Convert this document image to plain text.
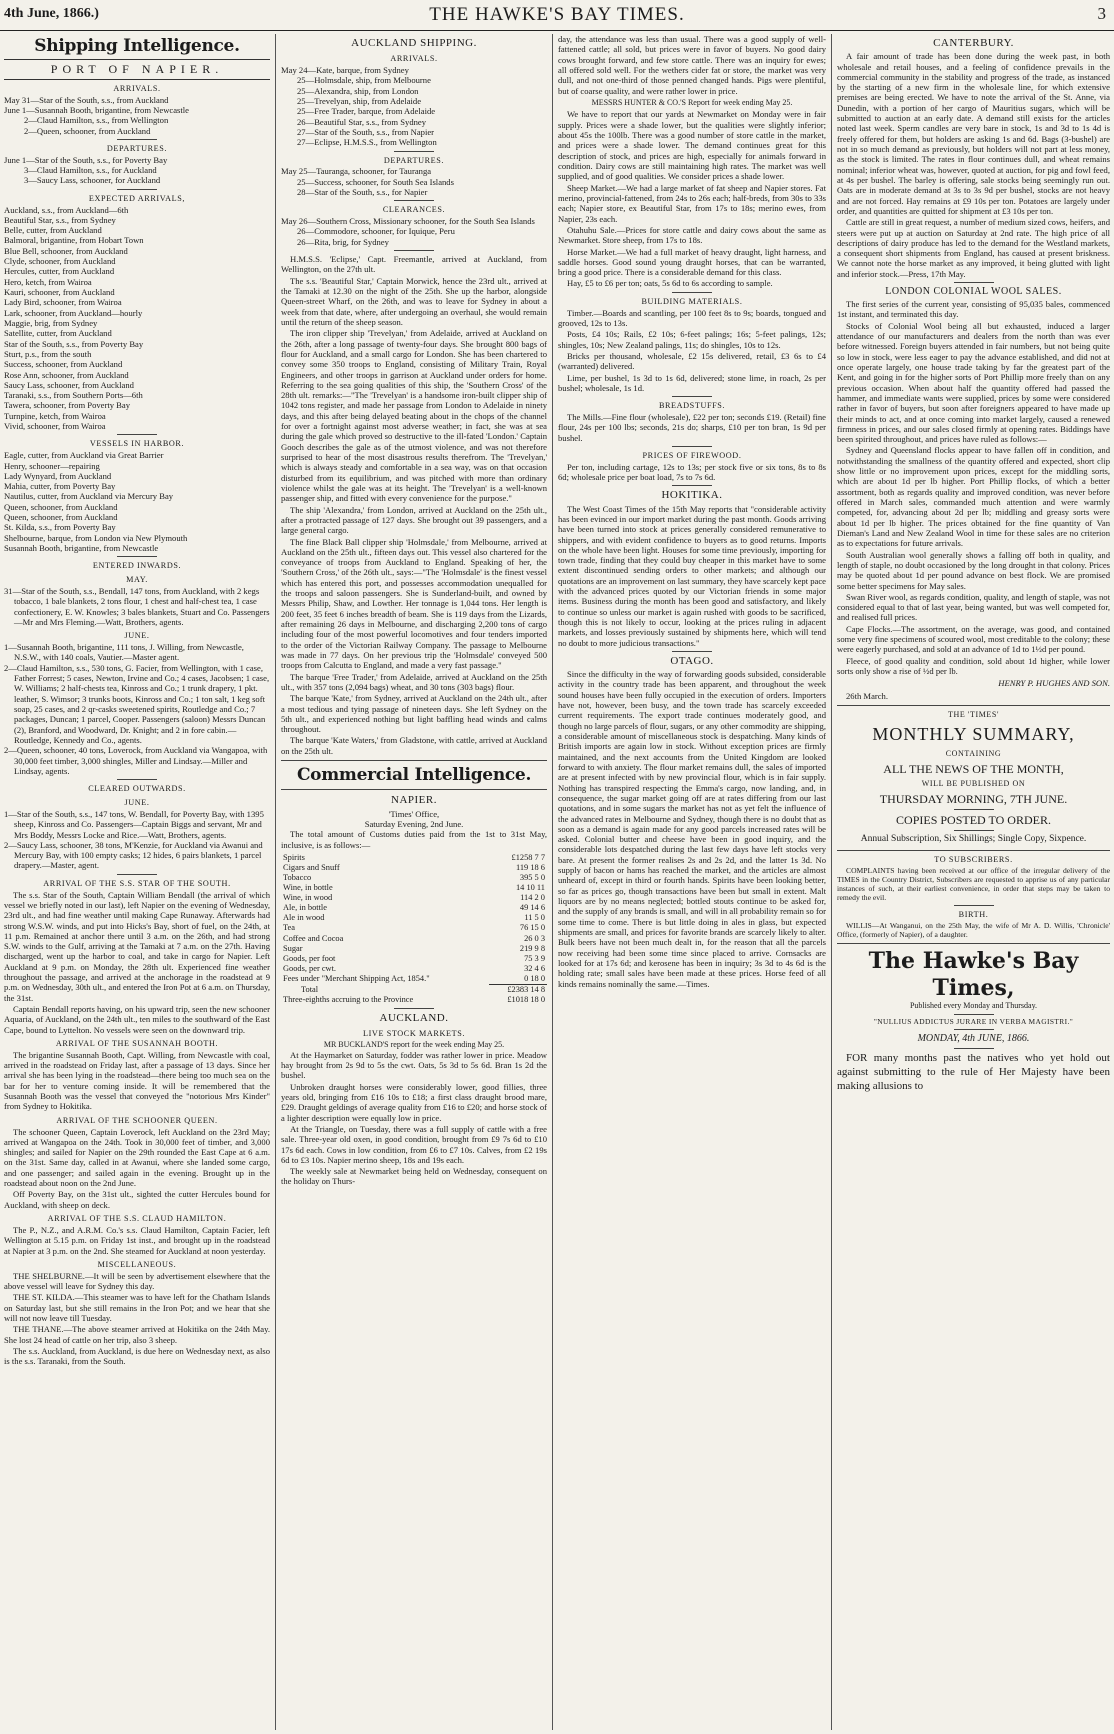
4th June, 1866.)	THE HAWKE'S BAY TIMES.	3
Shipping Intelligence.
PORT OF NAPIER.
ARRIVALS.
May 31—Star of the South, s.s., from Auckland
June 1—Susannah Booth, brigantine, from Newcastle
2—Claud Hamilton, s.s., from Wellington
2—Queen, schooner, from Auckland
DEPARTURES.
June 1—Star of the South, s.s., for Poverty Bay
3—Claud Hamilton, s.s., for Auckland
3—Saucy Lass, schooner, for Auckland
EXPECTED ARRIVALS,
Auckland, s.s., from Auckland—6th
Beautiful Star, s.s., from Sydney
Belle, cutter, from Auckland
Balmoral, brigantine, from Hobart Town
Blue Bell, schooner, from Auckland
Clyde, schooner, from Auckland
Hercules, cutter, from Auckland
Hero, ketch, from Wairoa
Kauri, schooner, from Auckland
Lady Bird, schooner, from Wairoa
Lark, schooner, from Auckland—hourly
Maggie, brig, from Sydney
Satellite, cutter, from Auckland
Star of the South, s.s., from Poverty Bay
Sturt, p.s., from the south
Success, schooner, from Auckland
Rose Ann, schooner, from Auckland
Saucy Lass, schooner, from Auckland
Taranaki, s.s., from Southern Ports—6th
Tawera, schooner, from Poverty Bay
Turnpine, ketch, from Wairoa
Vivid, schooner, from Wairoa
VESSELS IN HARBOR.
Eagle, cutter, from Auckland via Great Barrier
Henry, schooner—repairing
Lady Wynyard, from Auckland
Mahia, cutter, from Poverty Bay
Nautilus, cutter, from Auckland via Mercury Bay
Queen, schooner, from Auckland
Queen, schooner, from Auckland
St. Kilda, s.s., from Poverty Bay
Shelbourne, barque, from London via New Plymouth
Susannah Booth, brigantine, from Newcastle
ENTERED INWARDS.
MAY.
31—Star of the South, s.s., Bendall, 147 tons, from Auckland, with 2 kegs tobacco, 1 bale blankets, 2 tons flour, 1 chest and half-chest tea, 1 case confectionery, E. W. Knowles; 3 bales blankets, Stuart and Co. Passengers—Mr and Mrs Fleming.—Watt, Brothers, agents.
JUNE.
1—Susannah Booth, brigantine, 111 tons, J. Willing, from Newcastle, N.S.W., with 140 coals, Vautier.—Master agent.
2—Claud Hamilton, s.s., 530 tons, G. Facier, from Wellington, with 1 case, Father Forrest; 5 cases, Newton, Irvine and Co.; 4 cases, Jacobsen; 1 case, W. Williams; 2 half-chests tea, Kinross and Co.; 1 trunk drapery, 1 pkt. leather, S. Wimsor; 3 trunks boots, Kinross and Co.; 1 ton salt, 1 keg soft soap, 25 cases, and 2 qr-casks sweetened spirits, Routledge and Co.; 7 packages, Duncan; 1 parcel, Cooper. Passengers (saloon) Messrs Duncan (2), Branford, and Woodward, Dr. Knight; and 2 in fore cabin.—Routledge, Kennedy and Co., agents.
2—Queen, schooner, 40 tons, Loverock, from Auckland via Wangapoa, with 30,000 feet timber, 3,000 shingles, Miller and Lindsay.—Miller and Lindsay, agents.
CLEARED OUTWARDS.
JUNE.
1—Star of the South, s.s., 147 tons, W. Bendall, for Poverty Bay, with 1395 sheep, Kinross and Co. Passengers—Captain Biggs and servant, Mr and Mrs Boddy, Messrs Locke and Rice.—Watt, Brothers, agents.
2—Saucy Lass, schooner, 38 tons, M'Kenzie, for Auckland via Awanui and Mercury Bay, with 100 empty casks; 12 hides, 6 pairs blankets, 1 parcel drapery.—Master, agent.
ARRIVAL OF THE S.S. STAR OF THE SOUTH.

The s.s. Star of the South, Captain William Bendall (the arrival of which vessel we briefly noted in our last), left Napier on the evening of Wednesday, 23rd ult., and had fine weather until making Cape Runaway. Afterwards had strong W.S.W. winds, and put into Hicks's Bay, short of fuel, on the 24th, at 11 p.m. Remained at anchor there until 3 a.m. on the 26th, and had strong S.W. winds to the Gulf, arriving at the Tamaki at 7 a.m. on the 27th. Having discharged, went up the harbor to coal, and take in cargo for Napier. Left Auckland at 9 p.m. on Monday, the 28th ult. Experienced fine weather throughout the passage, and arrived at the anchorage in the roadstead at 9 p.m. on Wednesday, 30th ult., and entered the Iron Pot at 6 a.m. on Thursday, the 31st.

Captain Bendall reports having, on his upward trip, seen the new schooner Aquaria, of Auckland, on the 24th ult., ten miles to the southward of the East Cape, bound to Lyttelton. No vessels were seen on the downward trip.

ARRIVAL OF THE SUSANNAH BOOTH.

The brigantine Susannah Booth, Capt. Willing, from Newcastle with coal, arrived in the roadstead on Friday last, after a passage of 13 days. Since her arrival she has been lying in the roadstead—there being too much sea on the bar for her to venture coming inside. It will be remembered that the Susannah Booth was the vessel that conveyed the "notorious Mrs Kinder" from Sydney to Hokitika.

ARRIVAL OF THE SCHOONER QUEEN.

The schooner Queen, Captain Loverock, left Auckland on the 23rd May; arrived at Wangapoa on the 24th. Took in 30,000 feet of timber, and 3,000 shingles; and sailed for Napier on the 29th rounded the East Cape at 6 a.m. on the 31st. Same day, called in at Awanui, where she landed some cargo, and one passenger; and sailed again in the evening. Brought up in the roadstead about noon on the 2nd June.

Off Poverty Bay, on the 31st ult., sighted the cutter Hercules bound for Auckland, with sheep on deck.

ARRIVAL OF THE S.S. CLAUD HAMILTON.

The P., N.Z., and A.R.M. Co.'s s.s. Claud Hamilton, Captain Facier, left Wellington at 5.15 p.m. on Friday 1st inst., and brought up in the roadstead at Napier at 3 p.m. on the 2nd. She steamed for Auckland at noon yesterday.

MISCELLANEOUS.

THE SHELBURNE.—It will be seen by advertisement elsewhere that the above vessel will leave for Sydney this day.

THE ST. KILDA.—This steamer was to have left for the Chatham Islands on Saturday last, but she still remains in the Iron Pot; and we hear that she will not now leave till Tuesday.

THE THANE.—The above steamer arrived at Hokitika on the 24th May. She lost 24 head of cattle on her trip, also 3 sheep.

The s.s. Auckland, from Auckland, is due here on Wednesday next, as also is the s.s. Taranaki, from the South.

AUCKLAND SHIPPING.
ARRIVALS.
May 24—Kate, barque, from Sydney
25—Holmsdale, ship, from Melbourne
25—Alexandra, ship, from London
25—Trevelyan, ship, from Adelaide
25—Free Trader, barque, from Adelaide
26—Beautiful Star, s.s., from Sydney
27—Star of the South, s.s., from Napier
27—Eclipse, H.M.S.S., from Wellington
DEPARTURES.
May 25—Tauranga, schooner, for Tauranga
25—Success, schooner, for South Sea Islands
28—Star of the South, s.s., for Napier
CLEARANCES.
May 26—Southern Cross, Missionary schooner, for the South Sea Islands
26—Commodore, schooner, for Iquique, Peru
26—Rita, brig, for Sydney

H.M.S.S. 'Eclipse,' Capt. Freemantle, arrived at Auckland, from Wellington, on the 27th ult.

The s.s. 'Beautiful Star,' Captain Morwick, hence the 23rd ult., arrived at the Tamaki at 12.30 on the night of the 25th. She up the harbor, alongside Queen-street Wharf, on the 26th, and was to leave for Sydney in about a week from that date, where, after undergoing an overhaul, she would remain until the return of the sheep season.

The iron clipper ship 'Trevelyan,' from Adelaide, arrived at Auckland on the 26th, after a long passage of twenty-four days. She brought 800 bags of flour for Auckland, and a small cargo for London. She has been chartered to convey some 350 troops to England, consisting of Military Train, Royal Engineers, and other troops in garrison at Auckland under orders for home. Referring to the sea going qualities of this ship, the 'Southern Cross' of the 28th ult. remarks:—"The 'Trevelyan' is a handsome iron-built clipper ship of 1042 tons register, and made her passage from London to Adelaide in ninety days, and this after being delayed beating about in the chops of the channel for over a fortnight against most adverse weather; in fact, she was at sea during the gale which proved so destructive to the ill-fated 'London.' Captain Gooch describes the gale as of the utmost violence, and was not therefore surprised to hear of the most disastrous results therefrom. The 'Trevelyan,' which is always steady and comfortable in a sea way, was on that occasion disturbed from its equilibrium, and was pitched with more than ordinary violence whilst the gale was at its height. The 'Trevelyan' is a well-known passenger ship, and fitted with every convenience for the purpose."

The ship 'Alexandra,' from London, arrived at Auckland on the 25th ult., after a protracted passage of 127 days. She brought out 39 passengers, and a large general cargo.

The fine Black Ball clipper ship 'Holmsdale,' from Melbourne, arrived at Auckland on the 25th ult., fifteen days out. This vessel also chartered for the conveyance of troops from Auckland to England. Speaking of her, the 'Southern Cross,' of the 26th ult., says:—"The 'Holmsdale' is the finest vessel which has entered this port, and possesses accommodation unequalled for the troops and saloon passengers. She is Sunderland-built, and owned by Messrs Philip, Shaw, and Lowther. Her tonnage is 1,044 tons. Her length is 200 feet, 35 feet 6 inches breadth of beam. She is 119 days from the Lizards, after remaining 26 days in Melbourne, and discharging 2,200 tons of cargo including four of the most powerful locomotives and four tenders imported to the order of the Victorian Railway Company. The passage to Melbourne was made in 77 days. On her previous trip the 'Holmsdale' conveyed 500 troops from Calcutta to England, and made a very fast passage."

The barque 'Free Trader,' from Adelaide, arrived at Auckland on the 25th ult., with 357 tons (2,094 bags) wheat, and 30 tons (303 bags) flour.

The barque 'Kate,' from Sydney, arrived at Auckland on the 24th ult., after a most tedious and tying passage of nineteen days. She left Sydney on the 5th ult., and experienced nothing but light baffling head winds and calms throughout.

The barque 'Kate Waters,' from Gladstone, with cattle, arrived at Auckland on the 25th ult.

Commercial Intelligence.
NAPIER.
'Times' Office,
Saturday Evening, 2nd June.

The total amount of Customs duties paid from the 1st to 31st May, inclusive, is as follows:—

Spirits	£1258 7 7
Cigars and Snuff	119 18 6
Tobacco	395 5 0
Wine, in bottle	14 10 11
Wine, in wood	114 2 0
Ale, in bottle	49 14 6
Ale in wood	11 5 0
Tea	76 15 0
Coffee and Cocoa	26 0 3
Sugar	219 9 8
Goods, per foot	75 3 9
Goods, per cwt.	32 4 6
Fees under "Merchant Shipping Act, 1854."	0 18 0
Total	£2383 14 8
Three-eighths accruing to the Province	£1018 18 0
AUCKLAND.
LIVE STOCK MARKETS.
MR BUCKLAND'S report for the week ending May 25.

At the Haymarket on Saturday, fodder was rather lower in price. Meadow hay brought from 2s 9d to 5s the cwt. Oats, 5s 3d to 5s 6d. Bran 1s 2d the bushel.

Unbroken draught horses were considerably lower, good fillies, three years old, bringing from £16 10s to £18; a first class draught brood mare, £29. Draught geldings of average quality from £16 to £20; and horse stock of a lighter description were equally low in price.

At the Triangle, on Tuesday, there was a full supply of cattle with a free sale. Three-year old oxen, in good condition, brought from £9 7s 6d to £10 17s 6d each. Cows in low condition, from £6 to £7 10s. Calves, from £2 19s 6d to £3 10s. Napier merino sheep, 18s and 19s each.

The weekly sale at Newmarket being held on Wednesday, consequent on the holiday on Thurs-

day, the attendance was less than usual. There was a good supply of well-fattened cattle; all sold, but prices were in favor of buyers. No good dairy cows brought forward, and few store cattle. There was an inquiry for ewes; all offered sold well. For the wethers cider fat or store, the market was very dull, and not one-third of those penned changed hands. Pigs were plentiful, but of coarse quality, and were rather lower in price.

MESSRS HUNTER & CO.'S Report for week ending May 25.

We have to report that our yards at Newmarket on Monday were in fair supply. Prices were a shade lower, but the qualities were slightly inferior; about 45s the 100lb. There was a good number of store cattle in the market, and prices were a shade lower. The demand continues great for this description of stock, and prices are high, especially for animals forward in condition. Dairy cows are still maintaining high rates. The market was well supplied, and of good qualities. We consider prices a shade lower.

Sheep Market.—We had a large market of fat sheep and Napier stores. Fat merino, provincial-fattened, from 24s to 26s each; half-breds, from 30s to 33s each; Napier store, ex Beautiful Star, from 17s to 18s; merino ewes, from Napier, 23s each.

Otahuhu Sale.—Prices for store cattle and dairy cows about the same as Newmarket. Store sheep, from 17s to 18s.

Horse Market.—We had a full market of heavy draught, light harness, and saddle horses. Good sound young draught horses, that can be warranted, bring a good price. There is a considerable demand for this class.

Hay, £5 to £6 per ton; oats, 5s 6d to 6s according to sample.

BUILDING MATERIALS.

Timber.—Boards and scantling, per 100 feet 8s to 9s; boards, tongued and grooved, 12s to 13s.

Posts, £4 10s; Rails, £2 10s; 6-feet palings; 16s; 5-feet palings, 12s; shingles, 10s; New Zealand palings, 11s; do shingles, 10s to 12s.

Bricks per thousand, wholesale, £2 15s delivered, retail, £3 6s to £4 (warranted) delivered.

Lime, per bushel, 1s 3d to 1s 6d, delivered; stone lime, in roach, 2s per bushel; wholesale, 1s 1d.

BREADSTUFFS.

The Mills.—Fine flour (wholesale), £22 per ton; seconds £19. (Retail) fine flour, 24s per 100 lbs; seconds, 21s do; sharps, £10 per ton bran, 1s 9d per bushel.

PRICES OF FIREWOOD.

Per ton, including cartage, 12s to 13s; per stock five or six tons, 8s to 8s 6d; wholesale price per boat load, 7s to 7s 6d.

HOKITIKA.

The West Coast Times of the 15th May reports that "considerable activity has been evinced in our import market during the past month. Goods arriving have been turned into stock at prices generally considered remunerative to shippers, and with evident confidence to buyers as to good returns. Imports on the whole have been light. Houses for some time previously, importing for town trade, finding that they could buy cheaper in this market have to some extent discontinued sending orders to other markets; and although our quotations are an improvement on last summary, they have scarcely kept pace with the advanced prices quoted by our Victorian friends in some major items. Business during the month has been good and satisfactory, and likely to continue so unless our market is again rushed with goods to be sacrificed, though this is not likely to occur, looking at the prices ruling in adjacent markets, and losses previously sustained by shipments here, which will tend no doubt to more judicious transactions."

OTAGO.

Since the difficulty in the way of forwarding goods subsided, considerable activity in the country trade has been apparent, and throughout the week sound houses have been fully occupied in the execution of orders. Importers have not, however, been busy, and the town trade has scarcely exceeded current requirements. The export trade continues moderately good, and though no large parcels of flour, sugars, or any other commodity are shipping, a considerable amount of miscellaneous stock is despatching. Many kinds of British imports are again low in stock. Without exception prices are firmly maintained, and the next accounts from the United Kingdom are looked forward to with anxiety. The flour market remains dull, the sales of imported are at present infected with by new provincial flour, which is in fair supply. Nothing has transpired respecting the Emma's cargo, now landing, and, in consequence, the sugar market going off are at rates differing from our last quotations, and in some sugars the market has not as yet felt the influence of the advanced rates in Melbourne and Sydney, though there is no doubt that as soon as a demand is again made for any good parcels increased rates will be asked. Colonial butter and cheese have been in good inquiry, and the considerable lots despatched during the last few days have left stocks very bare. At present the former realises 2s and 2s 2d, and the latter 1s 3d. No supply of bacon or hams has reached the market, and the articles are almost unheard of, except in third or fourth hands. Spirits have been looking better, so far as prices go, though transactions have been but small in extent. Malt liquors are by no means neglected; bottled stouts continue to be asked for, and the supply of any brands is small, and will in all probability remain so for some time to come. There is but little doing in ales in glass, but expected shipments are small, and prices for favorite brands are scarcely likely to alter. Bulk beers have not been much dealt in, for the reason that all the parcels now receiving had been some time since placed to arrive. Cornsacks are looked for at 17s 6d; and kerosene has been in inquiry; 3s 3d to 4s 6d is the holding rate; small sales have been made at these prices. Horse feed of all kinds remains nominally the same.—Times.

CANTERBURY.

A fair amount of trade has been done during the week past, in both wholesale and retail houses, and a feeling of confidence prevails in the commercial community in the stability and progress of the trade, as instanced by the starting of a new firm in the wholesale line, for which extensive premises are being erected. We have to note the arrival of the St. Anne, via Dunedin, with a portion of her cargo of Mauritius sugars, which will be submitted to auction at an early date. A demand still exists for the articles noted last week. Sperm candles are very bare in stock, 1s and 3d to 1s 4d is freely offered for them, but holders are asking 1s and 6d. Bags (3-bushel) are not in so much demand as previously, but holders will not part at less money, as the stock is limited. The rates in flour continues dull, and wheat remains nominal; inferior wheat was, however, quoted at auction, for pig and fowl feed, at 4s per bushel. The barley is offering, sale stocks being seemingly run out. Oats are in moderate demand at 3s to 3s 9d per bushel, stocks are not heavy and are not forced. Hay remains at £9 10s per ton. Potatoes are largely under order, and quantities are quitted for shipment at £3 10s per ton.

Cattle are still in great request, a number of medium sized cows, heifers, and steers were put up at auction on Saturday at 2nd rate. The high price of all descriptions of dairy produce has led to the demand for the Westland markets, a consequent short shipments from England, has caused at present briskness. We cannot note the horse market as any improved, it being glutted with light and inferior stock.—Press, 17th May.

LONDON COLONIAL WOOL SALES.

The first series of the current year, consisting of 95,035 bales, commenced 1st instant, and terminated this day.

Stocks of Colonial Wool being all but exhausted, induced a larger attendance of our manufacturers and dealers from the north than was ever before witnessed. Foreign buyers attended in fair numbers, but not being quite so low in stock, were less eager to pay the advance established, and did not at once operate largely, one house trade taking by far the greatest part of the Kent, and going in for the higher sorts of Port Phillip more freely than on any previous occasion. When about half the quantity offered had passed the hammer, and immediate wants were supplied, prices by some were considered rather in favor of buyers, but soon after foreigners appeared to have made up their minds to act, and at once coming into market largely, caused a renewed firmness in prices, and our sales closed firmly at opening rates. Biddings have been spirited throughout, and prices have ruled as follows:—

Sydney and Queensland flocks appear to have fallen off in condition, and notwithstanding the smallness of the quantity offered and expected, short clip show little or no improvement upon prices, except for the middling sorts, which are about 1d per lb higher. Port Phillip flocks, of which a better assortment, both as regards quality and improved condition, was never before offered in March sales, commanded much attention and were warmly competed, for, advancing about 2d per lb; middling and greasy sorts were about 1d per lb higher. The prices obtained for the fine quantity of Van Dieman's Land and New Zealand Wool in time for these sales are no criterion as to expectations for future arrivals.

South Australian wool generally shows a falling off both in quality, and length of staple, no doubt occasioned by the long drought in that colony. Prices may be quoted about 1d per pound advance on best flock. We are promised some better specimens for May sales.

Swan River wool, as regards condition, quality, and length of staple, was not considered equal to that of last year, being wanted, but was well competed for, and realised full prices.

Cape Flocks.—The assortment, on the average, was good, and contained some very fine specimens of scoured wool, most creditable to the colony; these were eagerly purchased, and sold at an advance of 1d to 1½d per pound.

Fleece, of good quality and condition, sold about 1d higher, while lower sorts only show a rise of ½d per lb.

HENRY P. HUGHES AND SON.

26th March.

THE 'TIMES'
MONTHLY SUMMARY,
CONTAINING
ALL THE NEWS OF THE MONTH,
WILL BE PUBLISHED ON
THURSDAY MORNING, 7TH JUNE.
COPIES POSTED TO ORDER.
Annual Subscription, Six Shillings; Single Copy, Sixpence.
TO SUBSCRIBERS.

COMPLAINTS having been received at our office of the irregular delivery of the TIMES in the Country District, Subscribers are requested to apprise us of any particular instances of such, at their earliest convenience, in order that steps may be taken to remedy the evil.

BIRTH.

WILLIS—At Wanganui, on the 25th May, the wife of Mr A. D. Willis, 'Chronicle' Office, (formerly of Napier), of a daughter.

The Hawke's Bay Times,
Published every Monday and Thursday.
"NULLIUS ADDICTUS JURARE IN VERBA MAGISTRI."
MONDAY, 4th JUNE, 1866.

FOR many months past the natives who yet hold out against submitting to the rule of Her Majesty have been making allusions to
